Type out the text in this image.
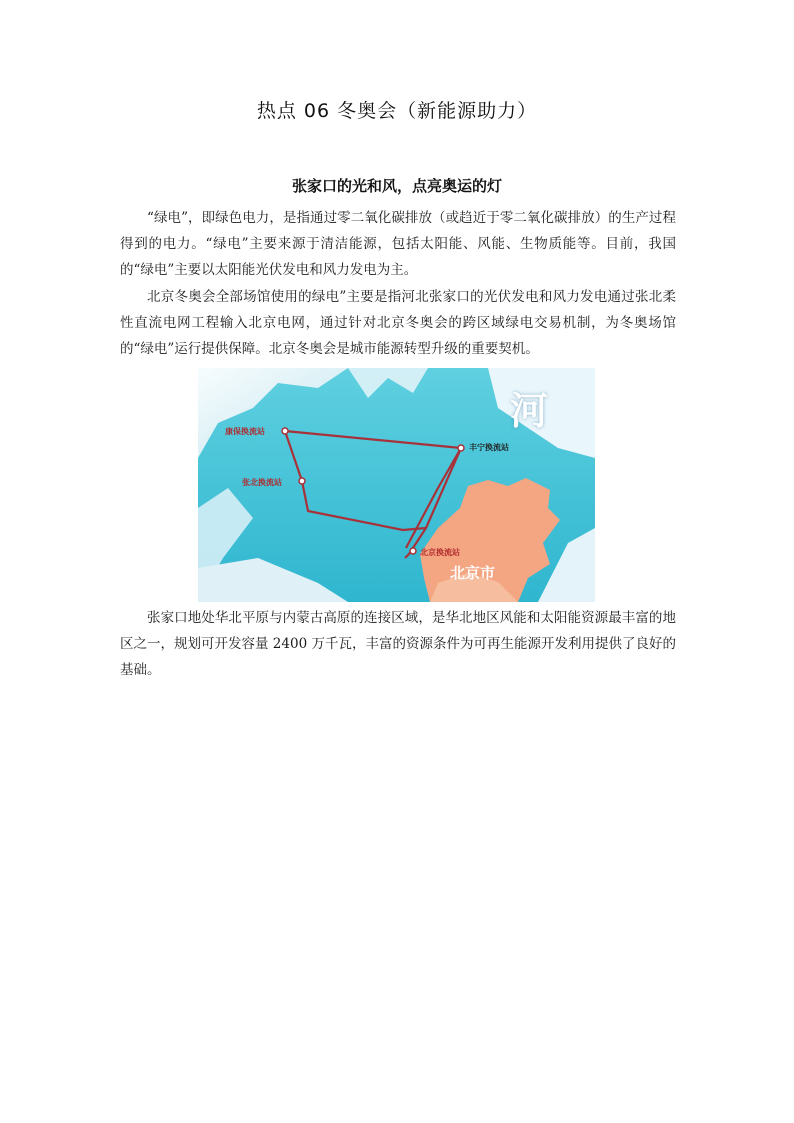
热点 06 冬奥会（新能源助力）
张家口的光和风，点亮奥运的灯

“绿电”，即绿色电力，是指通过零二氧化碳排放（或趋近于零二氧化碳排放）的生产过程得到的电力。“绿电”主要来源于清洁能源，包括太阳能、风能、生物质能等。目前，我国的“绿电”主要以太阳能光伏发电和风力发电为主。

北京冬奥会全部场馆使用的绿电”主要是指河北张家口的光伏发电和风力发电通过张北柔性直流电网工程输入北京电网，通过针对北京冬奥会的跨区域绿电交易机制，为冬奥场馆的“绿电”运行提供保障。北京冬奥会是城市能源转型升级的重要契机。

河
康保换流站
丰宁换流站
张北换流站
北京换流站
北京市

张家口地处华北平原与内蒙古高原的连接区域，是华北地区风能和太阳能资源最丰富的地区之一，规划可开发容量 2400 万千瓦，丰富的资源条件为可再生能源开发利用提供了良好的基础。
